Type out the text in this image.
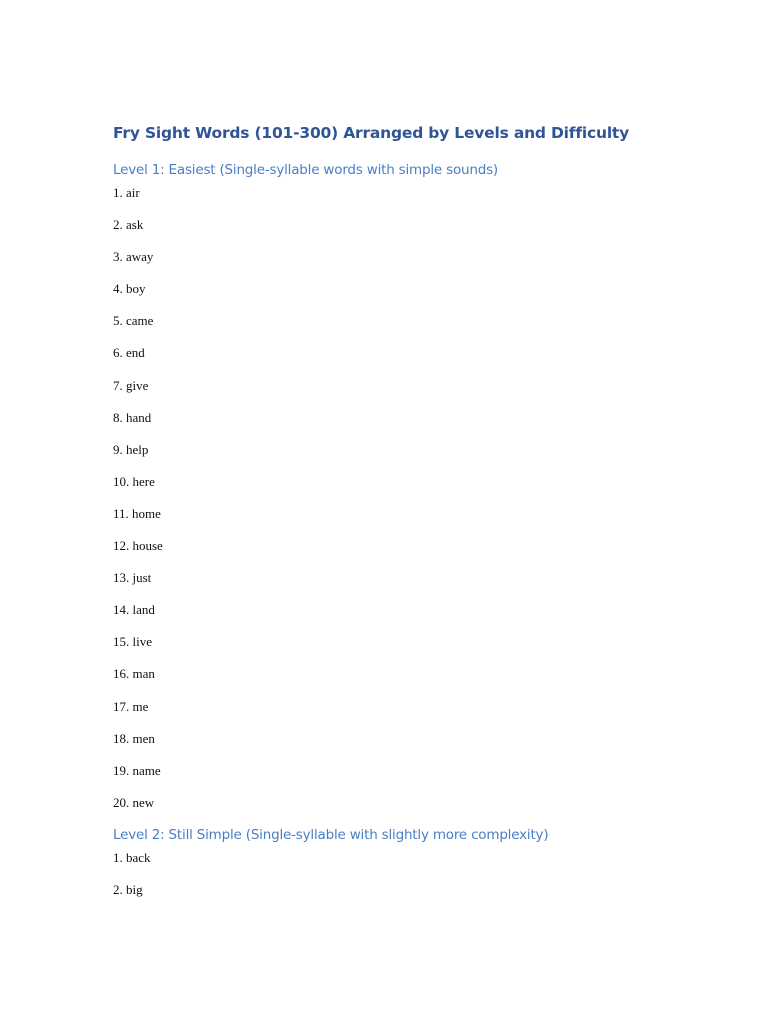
Fry Sight Words (101-300) Arranged by Levels and Difficulty
Level 1: Easiest (Single-syllable words with simple sounds)
1. air
2. ask
3. away
4. boy
5. came
6. end
7. give
8. hand
9. help
10. here
11. home
12. house
13. just
14. land
15. live
16. man
17. me
18. men
19. name
20. new
Level 2: Still Simple (Single-syllable with slightly more complexity)
1. back
2. big
